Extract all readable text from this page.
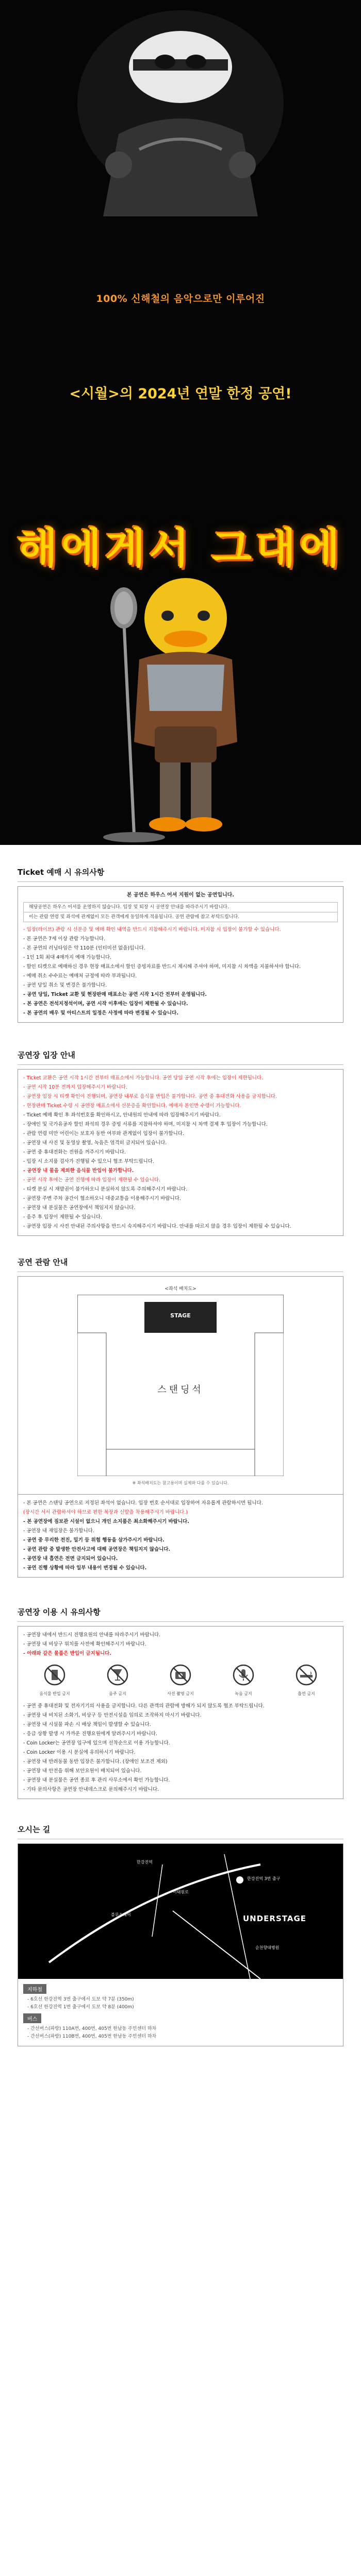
100% 신해철의 음악으로만 이루어진
<시월>의 2024년 연말 한정 공연!
해에게서 그대에
Ticket 예매 시 유의사항
본 공연은 하우스 어셔 지원이 없는 공연입니다.
해당공연은 하우스 어셔를 운영하지 않습니다. 입장 및 퇴장 시 공연장 안내를 따라주시기 바랍니다.
이는 관람 연령 및 좌석에 관계없이 모든 관객에게 동일하게 적용됩니다. 공연 관람에 참고 부탁드립니다.
- 입장(라이브) 관람 시 신분증 및 예매 확인 내역을 반드시 지참해주시기 바랍니다. 미지참 시 입장이 불가할 수 있습니다.
- 본 공연은 7세 이상 관람 가능합니다.
- 본 공연의 러닝타임은 약 110분 (인터미션 없음)입니다.
- 1인 1회 최대 4매까지 예매 가능합니다.
- 할인 티켓으로 예매하신 경우 현장 매표소에서 할인 증빙자료를 반드시 제시해 주셔야 하며, 미지참 시 차액을 지불하셔야 합니다.
- 예매 취소 수수료는 예매처 규정에 따라 부과됩니다.
- 공연 당일 취소 및 변경은 불가합니다.
- 공연 당일, Ticket 교환 및 현장판매 매표소는 공연 시작 1시간 전부터 운영됩니다.
- 본 공연은 전석지정석이며, 공연 시작 이후에는 입장이 제한될 수 있습니다.
- 본 공연의 배우 및 아티스트의 일정은 사정에 따라 변경될 수 있습니다.
공연장 입장 안내
- Ticket 교환은 공연 시작 1시간 전부터 매표소에서 가능합니다. 공연 당일 공연 시작 후에는 입장이 제한됩니다.
- 공연 시작 10분 전까지 입장해주시기 바랍니다.
- 공연장 입장 시 티켓 확인이 진행되며, 공연장 내부로 음식물 반입은 불가합니다. 공연 중 휴대전화 사용을 금지합니다.
- 현장판매 Ticket 수령 시 공연장 매표소에서 신분증을 확인합니다. 예매자 본인만 수령이 가능합니다.
- Ticket 예매 확인 후 좌석번호를 확인하시고, 안내원의 안내에 따라 입장해주시기 바랍니다.
- 장애인 및 국가유공자 할인 좌석의 경우 증빙 서류를 지참하셔야 하며, 미지참 시 차액 결제 후 입장이 가능합니다.
- 관람 연령 미만 어린이는 보호자 동반 여부와 관계없이 입장이 불가합니다.
- 공연장 내 사진 및 동영상 촬영, 녹음은 엄격히 금지되어 있습니다.
- 공연 중 휴대전화는 전원을 꺼주시기 바랍니다.
- 입장 시 소지품 검사가 진행될 수 있으니 협조 부탁드립니다.
- 공연장 내 물을 제외한 음식물 반입이 불가합니다.
- 공연 시작 후에는 공연 진행에 따라 입장이 제한될 수 있습니다.
- 티켓 분실 시 재발권이 불가하오니 분실하지 않도록 주의해주시기 바랍니다.
- 공연장 주변 주차 공간이 협소하오니 대중교통을 이용해주시기 바랍니다.
- 공연장 내 분실물은 공연장에서 책임지지 않습니다.
- 음주 후 입장이 제한될 수 있습니다.
- 공연장 입장 시 사전 안내된 주의사항을 반드시 숙지해주시기 바랍니다. 안내를 따르지 않을 경우 입장이 제한될 수 있습니다.
공연 관람 안내
<좌석 배치도>
STAGE
스탠딩석
※ 좌석배치도는 참고용이며 실제와 다를 수 있습니다.
- 본 공연은 스탠딩 공연으로 지정된 좌석이 없습니다. 입장 번호 순서대로 입장하여 자유롭게 관람하시면 됩니다.
(장시간 서서 관람하셔야 하므로 편한 복장과 신발을 착용해주시기 바랍니다.)
- 본 공연장에 짐보관 시설이 없으니 개인 소지품은 최소화해주시기 바랍니다.
- 공연장 내 재입장은 불가합니다.
- 공연 중 무리한 전진, 밀기 등 위험 행동을 삼가주시기 바랍니다.
- 공연 관람 중 발생한 안전사고에 대해 공연장은 책임지지 않습니다.
- 공연장 내 흡연은 전면 금지되어 있습니다.
- 공연 진행 상황에 따라 일부 내용이 변경될 수 있습니다.
공연장 이용 시 유의사항
- 공연장 내에서 반드시 진행요원의 안내를 따라주시기 바랍니다.
- 공연장 내 비상구 위치를 사전에 확인해주시기 바랍니다.
- 아래와 같은 물품은 반입이 금지됩니다.
음식물 반입 금지	음주 금지	사진 촬영 금지	녹음 금지	흡연 금지
- 공연 중 휴대전화 및 전자기기의 사용을 금지합니다. 다른 관객의 관람에 방해가 되지 않도록 협조 부탁드립니다.
- 공연장 내 비치된 소화기, 비상구 등 안전시설을 임의로 조작하지 마시기 바랍니다.
- 공연장 내 시설물 파손 시 배상 책임이 발생할 수 있습니다.
- 응급 상황 발생 시 가까운 진행요원에게 알려주시기 바랍니다.
- Coin Locker는 공연장 입구에 있으며 선착순으로 이용 가능합니다.
- Coin Locker 이용 시 분실에 유의하시기 바랍니다.
- 공연장 내 반려동물 동반 입장은 불가합니다. (장애인 보조견 제외)
- 공연장 내 안전을 위해 보안요원이 배치되어 있습니다.
- 공연장 내 분실물은 공연 종료 후 관리 사무소에서 확인 가능합니다.
- 기타 문의사항은 공연장 안내데스크로 문의해주시기 바랍니다.
오시는 길
한강진역
한강진역 3번 출구
이태원로
블루스퀘어
순천향대병원
UNDERSTAGE
지하철
- 6호선 한강진역 3번 출구에서 도보 약 7분 (350m)
- 6호선 한강진역 1번 출구에서 도보 약 8분 (400m)
버스
- 간선버스(파랑) 110A번, 400번, 405번 한남동 주민센터 하차
- 간선버스(파랑) 110B번, 400번, 405번 한남동 주민센터 하차
